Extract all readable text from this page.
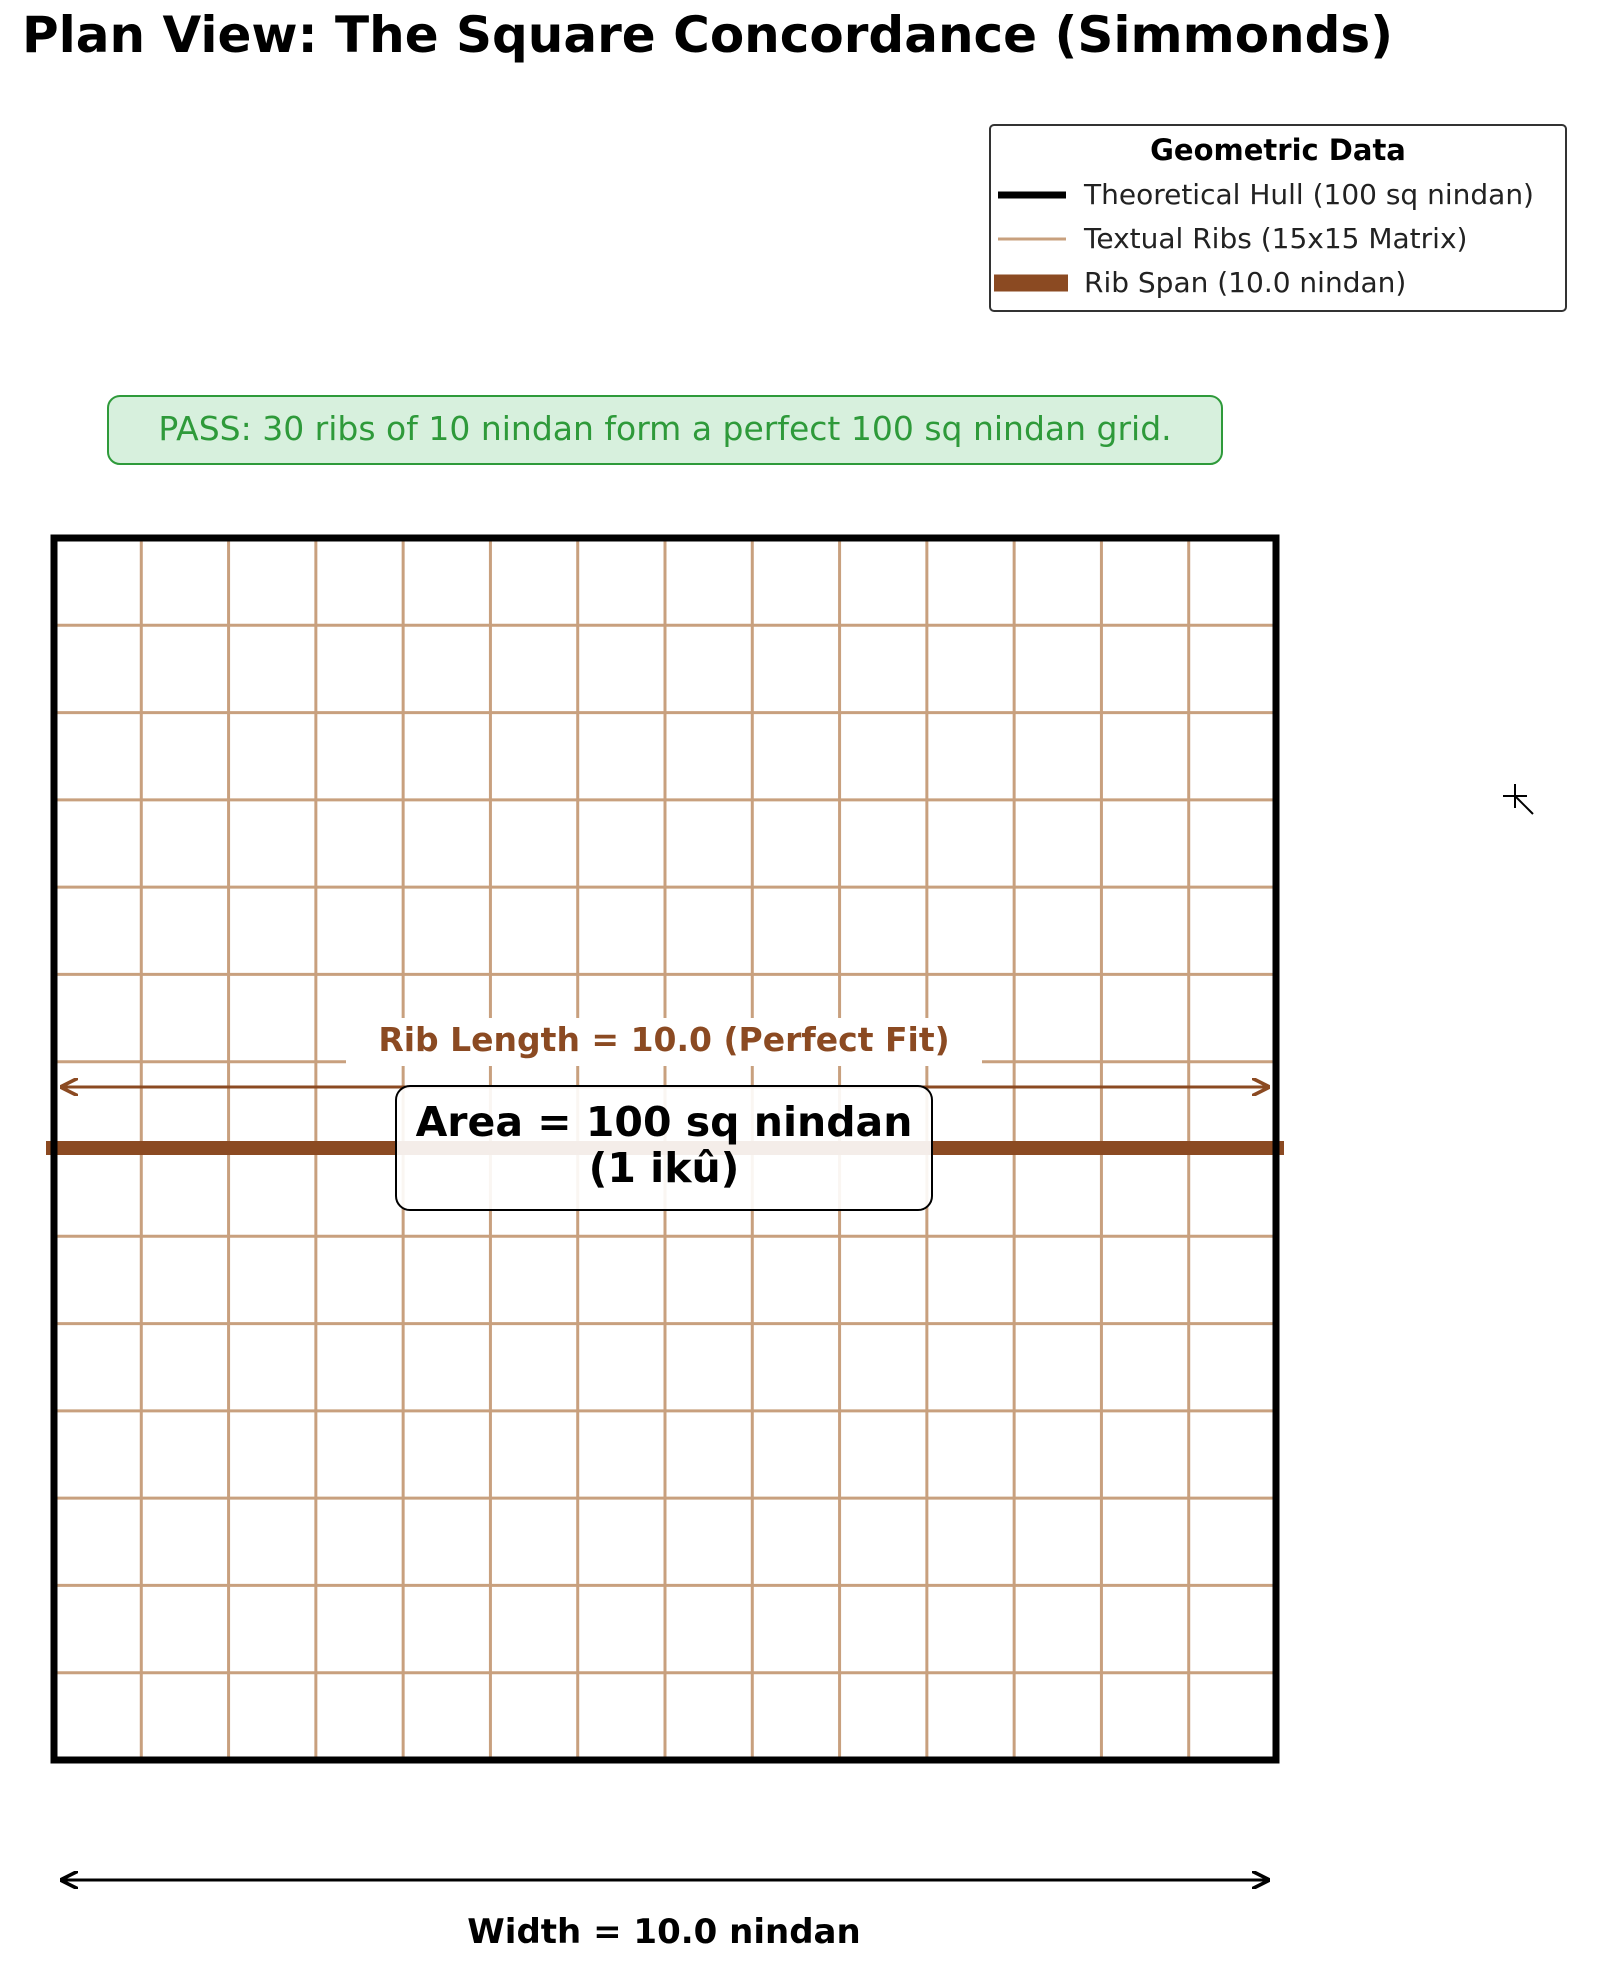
Plan View: The Square Concordance (Simmonds)
Geometric Data
Theoretical Hull (100 sq nindan)
Textual Ribs (15x15 Matrix)
Rib Span (10.0 nindan)
PASS: 30 ribs of 10 nindan form a perfect 100 sq nindan grid.
Rib Length = 10.0 (Perfect Fit)
Area = 100 sq nindan
(1 ikû)
Width = 10.0 nindan
